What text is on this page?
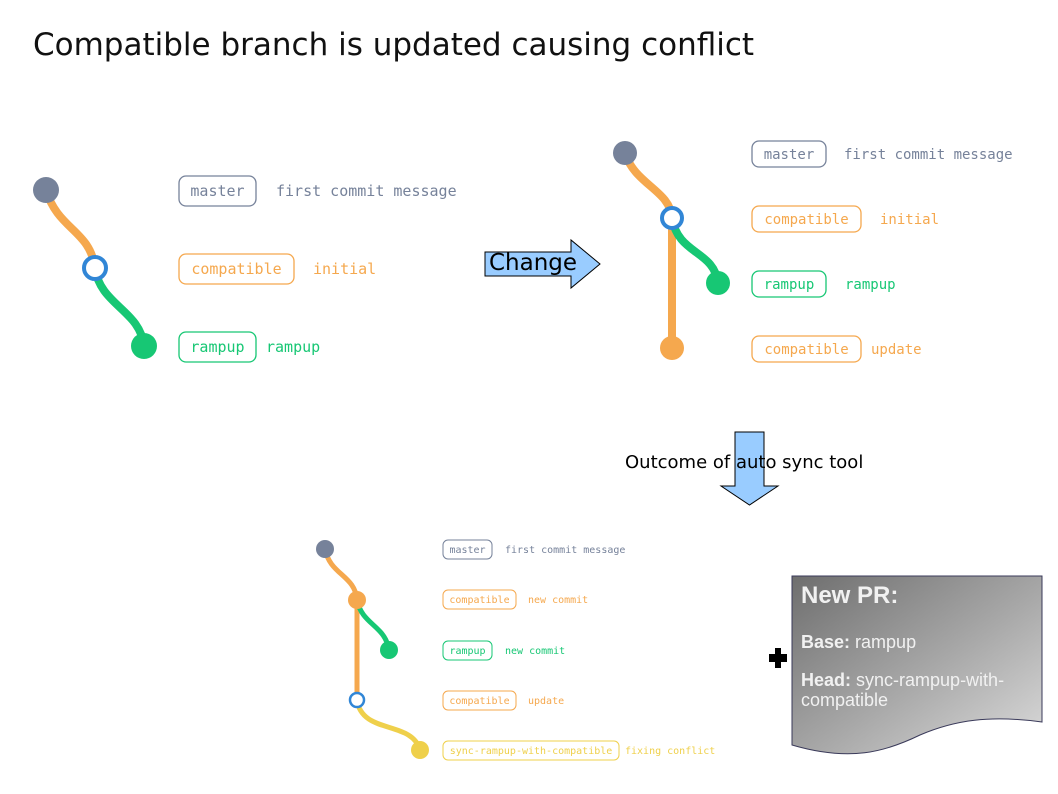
Compatible branch is updated causing conflict
master first commit message
compatible initial
rampup rampup
master first commit message
compatible initial
rampup rampup
compatible update
master first commit message
compatible new commit
rampup new commit
compatible update
sync-rampup-with-compatible fixing conflict
Change
Outcome of auto sync tool
New PR:
Base: rampup
Head: sync-rampup-with-compatible
